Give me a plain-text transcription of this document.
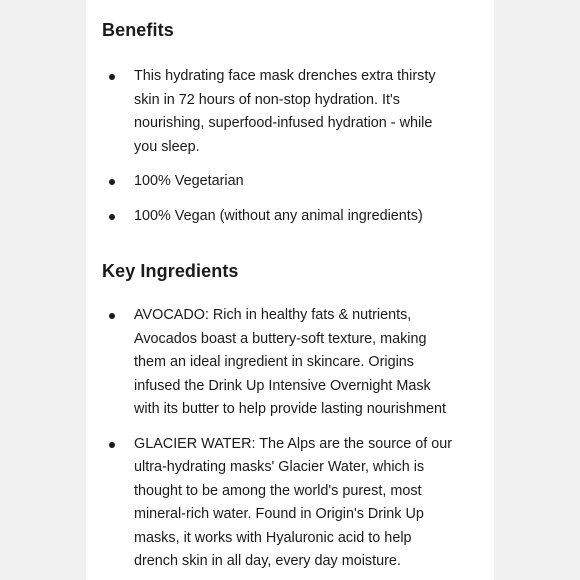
Benefits
This hydrating face mask drenches extra thirsty
skin in 72 hours of non-stop hydration. It's
nourishing, superfood-infused hydration - while
you sleep.
100% Vegetarian
100% Vegan (without any animal ingredients)
Key Ingredients
AVOCADO: Rich in healthy fats & nutrients,
Avocados boast a buttery-soft texture, making
them an ideal ingredient in skincare. Origins
infused the Drink Up Intensive Overnight Mask
with its butter to help provide lasting nourishment
GLACIER WATER: The Alps are the source of our
ultra-hydrating masks' Glacier Water, which is
thought to be among the world's purest, most
mineral-rich water. Found in Origin's Drink Up
masks, it works with Hyaluronic acid to help
drench skin in all day, every day moisture.
